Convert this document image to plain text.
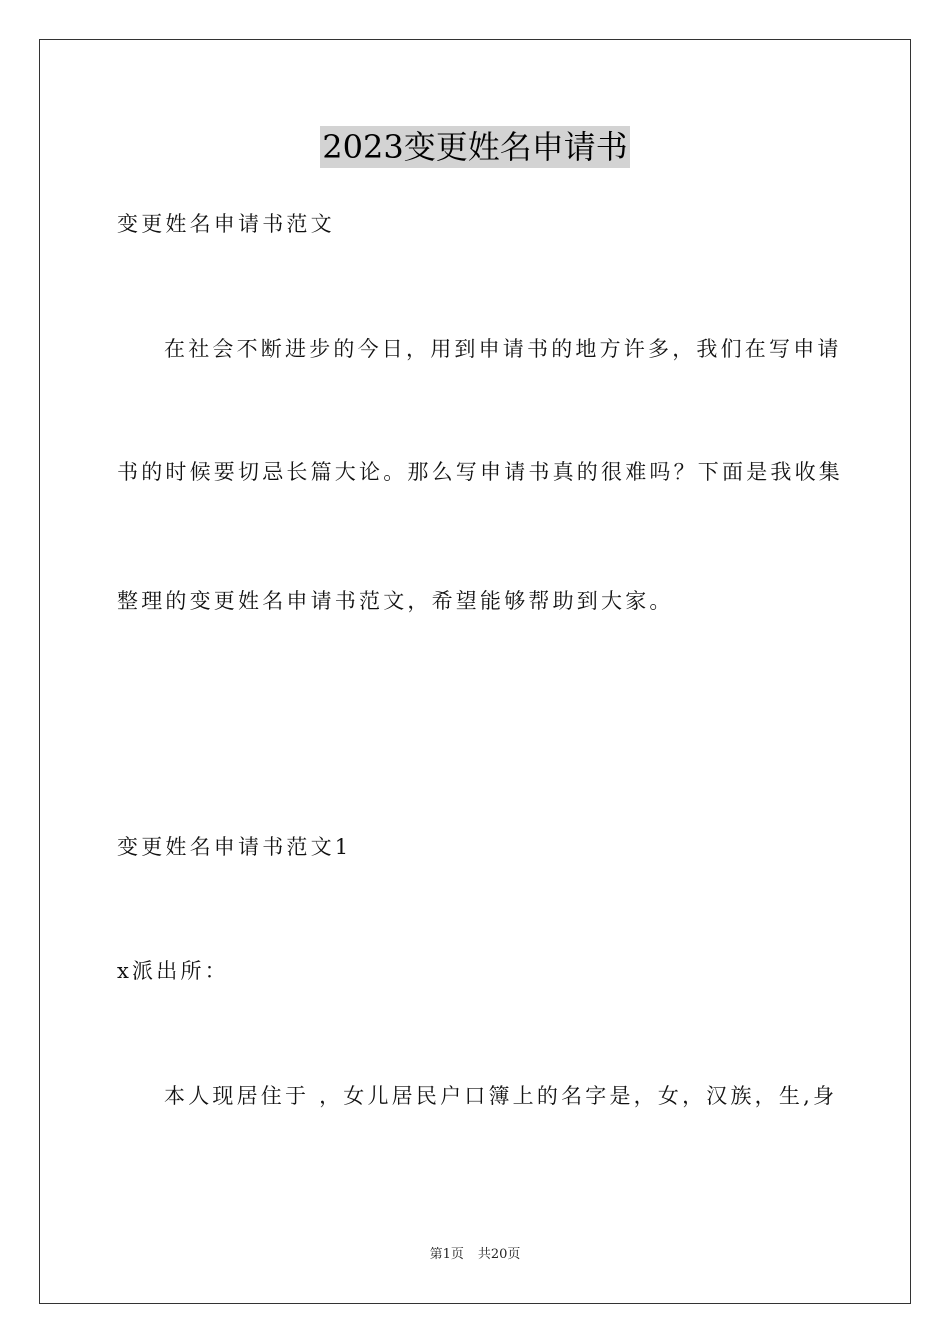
2023变更姓名申请书
变更姓名申请书范文
在社会不断进步的今日，用到申请书的地方许多，我们在写申请
书的时候要切忌长篇大论。那么写申请书真的很难吗？下面是我收集
整理的变更姓名申请书范文，希望能够帮助到大家。
变更姓名申请书范文1
x派出所：
本人现居住于 ，女儿居民户口簿上的名字是，女，汉族，生,身
第1页 共20页
